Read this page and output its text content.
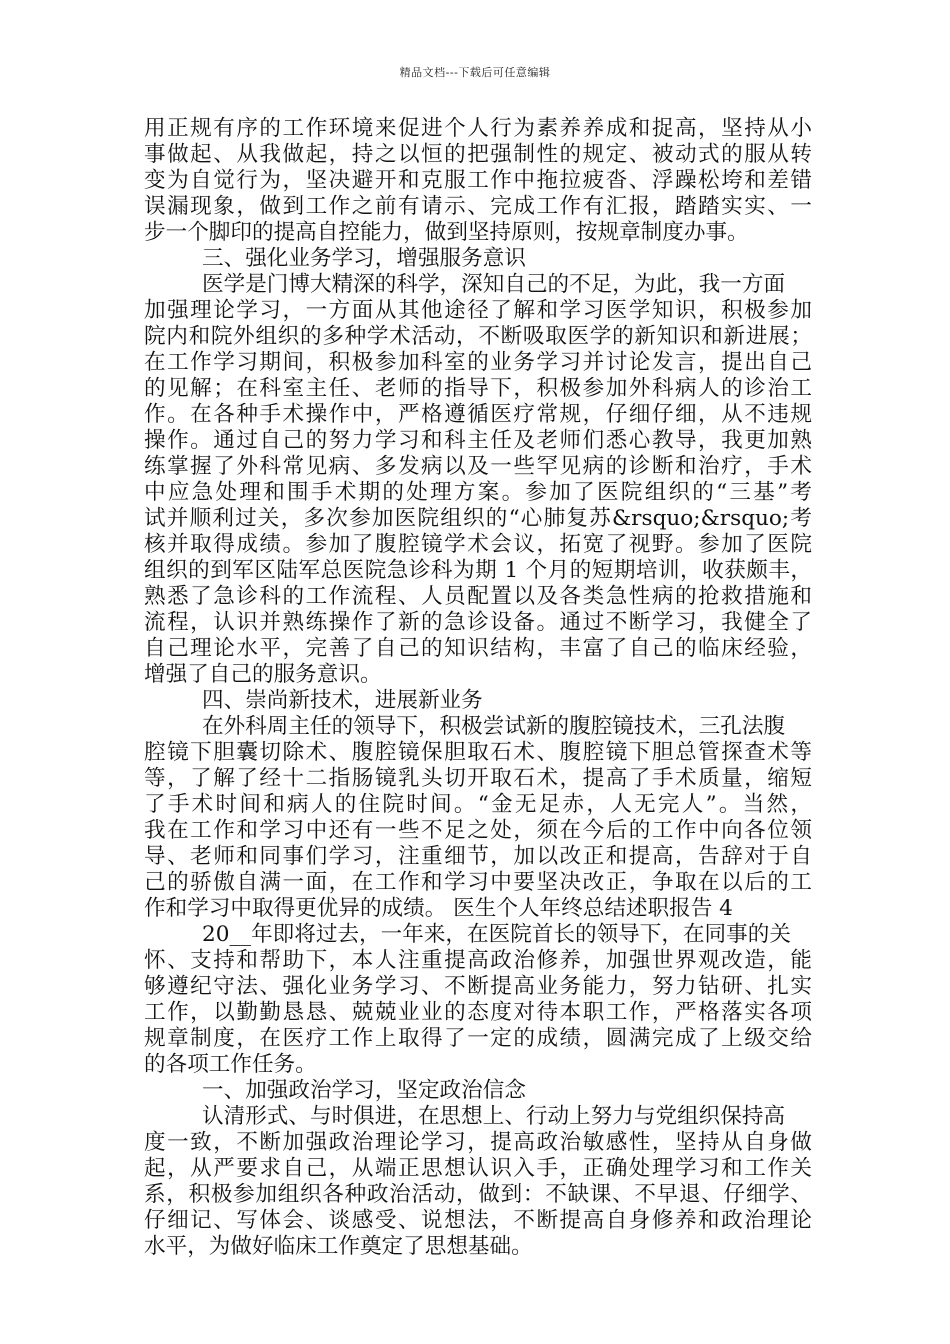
精品文档---下载后可任意编辑
用正规有序的工作环境来促进个人行为素养养成和捉高，坚持从小
事做起、从我做起，持之以恒的把强制性的规定、被动式的服从转
变为自觉行为，坚决避开和克服工作中拖拉疲沓、浮躁松垮和差错
误漏现象，做到工作之前有请示、完成工作有汇报，踏踏实实、一
步一个脚印的提高自控能力，做到坚持原则，按规章制度办事。
三、强化业务学习，增强服务意识
医学是门博大精深的科学，深知自己的不足，为此，我一方面
加强理论学习，一方面从其他途径了解和学习医学知识，积极参加
院内和院外组织的多种学术活动，不断吸取医学的新知识和新进展；
在工作学习期间，积极参加科室的业务学习并讨论发言，提出自己
的见解；在科室主任、老师的指导下，积极参加外科病人的诊治工
作。在各种手术操作中，严格遵循医疗常规，仔细仔细，从不违规
操作。通过自己的努力学习和科主任及老师们悉心教导，我更加熟
练掌握了外科常见病、多发病以及一些罕见病的诊断和治疗，手术
中应急处理和围手术期的处理方案。参加了医院组织的“三基”考
试并顺利过关，多次参加医院组织的“心肺复苏&rsquo;&rsquo;考
核并取得成绩。参加了腹腔镜学术会议，拓宽了视野。参加了医院
组织的到军区陆军总医院急诊科为期 1 个月的短期培训，收获颇丰，
熟悉了急诊科的工作流程、人员配置以及各类急性病的抢救措施和
流程，认识并熟练操作了新的急诊设备。通过不断学习，我健全了
自己理论水平，完善了自己的知识结构，丰富了自己的临床经验，
增强了自己的服务意识。
四、崇尚新技术，进展新业务
在外科周主任的领导下，积极尝试新的腹腔镜技术，三孔法腹
腔镜下胆囊切除术、腹腔镜保胆取石术、腹腔镜下胆总管探查术等
等，了解了经十二指肠镜乳头切开取石术，提高了手术质量，缩短
了手术时间和病人的住院时间。“金无足赤，人无完人”。当然，
我在工作和学习中还有一些不足之处，须在今后的工作中向各位领
导、老师和同事们学习，注重细节，加以改正和提高，告辞对于自
己的骄傲自满一面，在工作和学习中要坚决改正，争取在以后的工
作和学习中取得更优异的成绩。 医生个人年终总结述职报告 4
20__年即将过去，一年来，在医院首长的领导下，在同事的关
怀、支持和帮助下，本人注重提高政治修养，加强世界观改造，能
够遵纪守法、强化业务学习、不断提高业务能力，努力钻研、扎实
工作，以勤勤恳恳、兢兢业业的态度对待本职工作，严格落实各项
规章制度，在医疗工作上取得了一定的成绩，圆满完成了上级交给
的各项工作任务。
一、加强政治学习，坚定政治信念
认清形式、与时俱进，在思想上、行动上努力与党组织保持高
度一致，不断加强政治理论学习，提高政治敏感性，坚持从自身做
起，从严要求自己，从端正思想认识入手，正确处理学习和工作关
系，积极参加组织各种政治活动，做到：不缺课、不早退、仔细学、
仔细记、写体会、谈感受、说想法，不断提高自身修养和政治理论
水平，为做好临床工作奠定了思想基础。
